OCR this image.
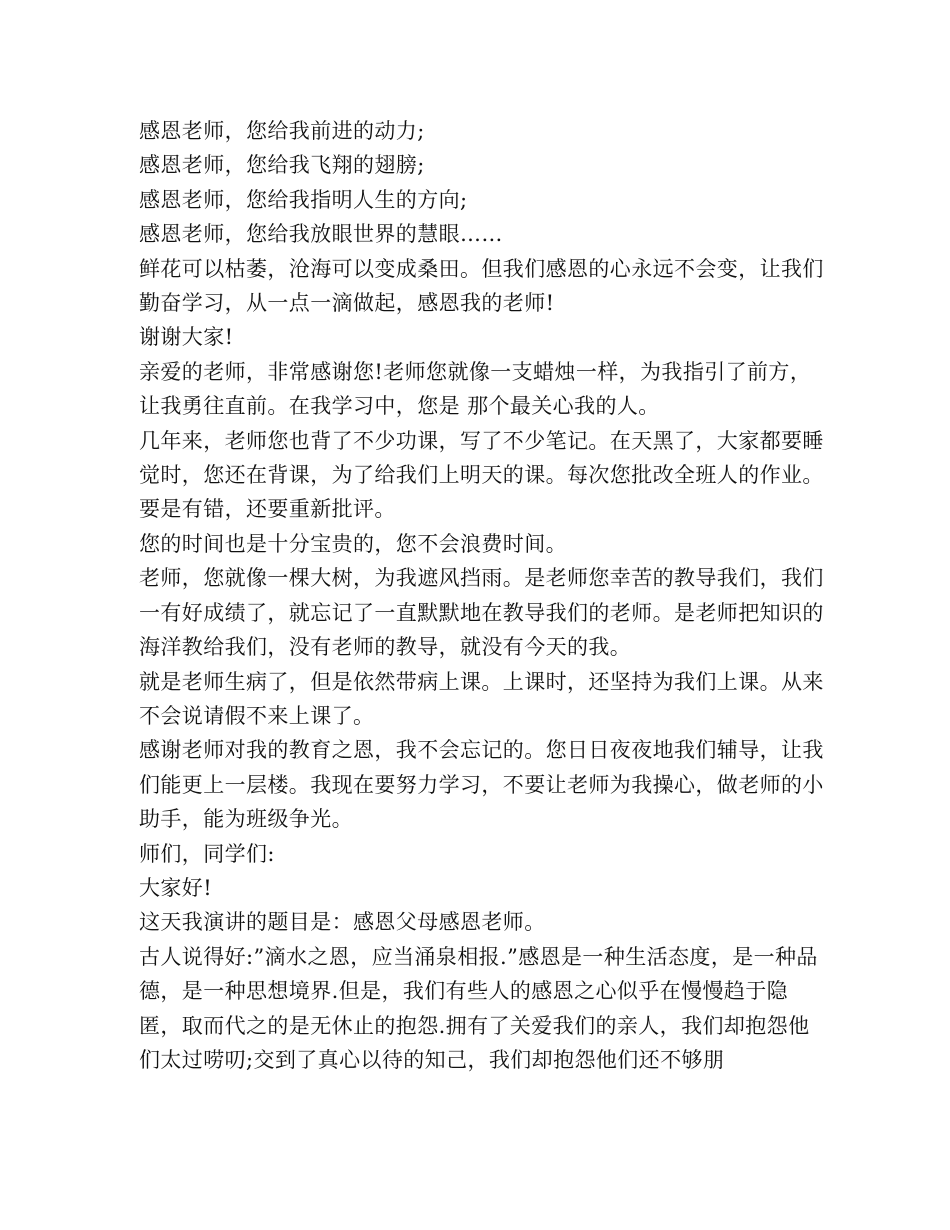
感恩老师，您给我前进的动力;

感恩老师，您给我飞翔的翅膀;

感恩老师，您给我指明人生的方向;

感恩老师，您给我放眼世界的慧眼……

鲜花可以枯萎，沧海可以变成桑田。但我们感恩的心永远不会变，让我们勤奋学习，从一点一滴做起，感恩我的老师!

谢谢大家!

亲爱的老师，非常感谢您!老师您就像一支蜡烛一样，为我指引了前方，让我勇往直前。在我学习中，您是 那个最关心我的人。

几年来，老师您也背了不少功课，写了不少笔记。在天黑了，大家都要睡觉时，您还在背课，为了给我们上明天的课。每次您批改全班人的作业。要是有错，还要重新批评。

您的时间也是十分宝贵的，您不会浪费时间。

老师，您就像一棵大树，为我遮风挡雨。是老师您幸苦的教导我们，我们一有好成绩了，就忘记了一直默默地在教导我们的老师。是老师把知识的海洋教给我们，没有老师的教导，就没有今天的我。

就是老师生病了，但是依然带病上课。上课时，还坚持为我们上课。从来不会说请假不来上课了。

感谢老师对我的教育之恩，我不会忘记的。您日日夜夜地我们辅导，让我们能更上一层楼。我现在要努力学习，不要让老师为我操心，做老师的小助手，能为班级争光。

师们，同学们:

大家好!

这天我演讲的题目是：感恩父母感恩老师。

古人说得好:”滴水之恩，应当涌泉相报.”感恩是一种生活态度，是一种品德，是一种思想境界.但是，我们有些人的感恩之心似乎在慢慢趋于隐匿，取而代之的是无休止的抱怨.拥有了关爱我们的亲人，我们却抱怨他们太过唠叨;交到了真心以待的知己，我们却抱怨他们还不够朋
